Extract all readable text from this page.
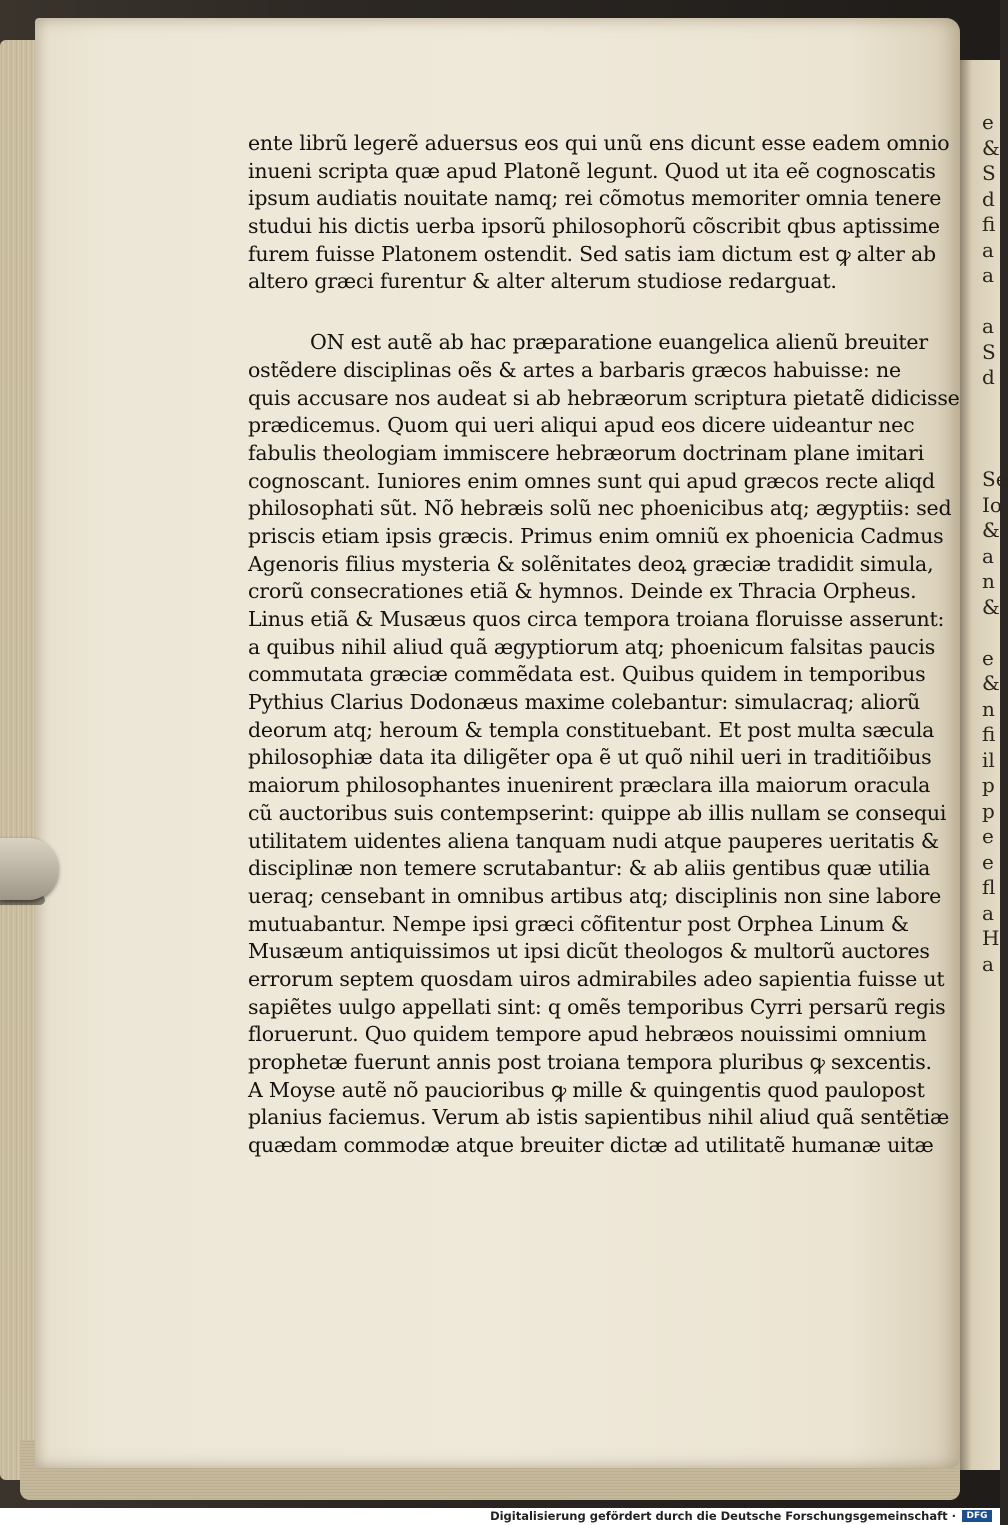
e
&
S
d
fi
a
a
a
S
d
Se
Io
&
a
n
&
e
&
n
fi
il
p
p
e
e
fl
a
H
a
ente librũ legerẽ aduersus eos qui unũ ens dicunt esse eadem omnio
inueni scripta quæ apud Platonẽ legunt. Quod ut ita eẽ cognoscatis
ipsum audiatis nouitate namq; rei cõmotus memoriter omnia tenere
studui his dictis uerba ipsorũ philosophorũ cõscribit qbus aptissime
furem fuisse Platonem ostendit. Sed satis iam dictum est ꝙ alter ab
altero græci furentur & alter alterum studiose redarguat.
ON est autẽ ab hac præparatione euangelica alienũ breuiter
ostẽdere disciplinas oẽs & artes a barbaris græcos habuisse: ne
quis accusare nos audeat si ab hebræorum scriptura pietatẽ didicisse
prædicemus. Quom qui ueri aliqui apud eos dicere uideantur nec
fabulis theologiam immiscere hebræorum doctrinam plane imitari
cognoscant. Iuniores enim omnes sunt qui apud græcos recte aliqd
philosophati sũt. Nõ hebræis solũ nec phoenicibus atq; ægyptiis: sed
priscis etiam ipsis græcis. Primus enim omniũ ex phoenicia Cadmus
Agenoris filius mysteria & solẽnitates deoꝝ græciæ tradidit simula,
crorũ consecrationes etiã & hymnos. Deinde ex Thracia Orpheus.
Linus etiã & Musæus quos circa tempora troiana floruisse asserunt:
a quibus nihil aliud quã ægyptiorum atq; phoenicum falsitas paucis
commutata græciæ commẽdata est. Quibus quidem in temporibus
Pythius Clarius Dodonæus maxime colebantur: simulacraq; aliorũ
deorum atq; heroum & templa constituebant. Et post multa sæcula
philosophiæ data ita diligẽter opa ẽ ut quõ nihil ueri in traditiõibus
maiorum philosophantes inuenirent præclara illa maiorum oracula
cũ auctoribus suis contempserint: quippe ab illis nullam se consequi
utilitatem uidentes aliena tanquam nudi atque pauperes ueritatis &
disciplinæ non temere scrutabantur: & ab aliis gentibus quæ utilia
ueraq; censebant in omnibus artibus atq; disciplinis non sine labore
mutuabantur. Nempe ipsi græci cõfitentur post Orphea Linum &
Musæum antiquissimos ut ipsi dicũt theologos & multorũ auctores
errorum septem quosdam uiros admirabiles adeo sapientia fuisse ut
sapiẽtes uulgo appellati sint: q omẽs temporibus Cyrri persarũ regis
floruerunt. Quo quidem tempore apud hebræos nouissimi omnium
prophetæ fuerunt annis post troiana tempora pluribus ꝙ sexcentis.
A Moyse autẽ nõ paucioribus ꝙ mille & quingentis quod paulopost
planius faciemus. Verum ab istis sapientibus nihil aliud quã sentẽtiæ
quædam commodæ atque breuiter dictæ ad utilitatẽ humanæ uitæ
Digitalisierung gefördert durch die Deutsche Forschungsgemeinschaft ·	DFG
